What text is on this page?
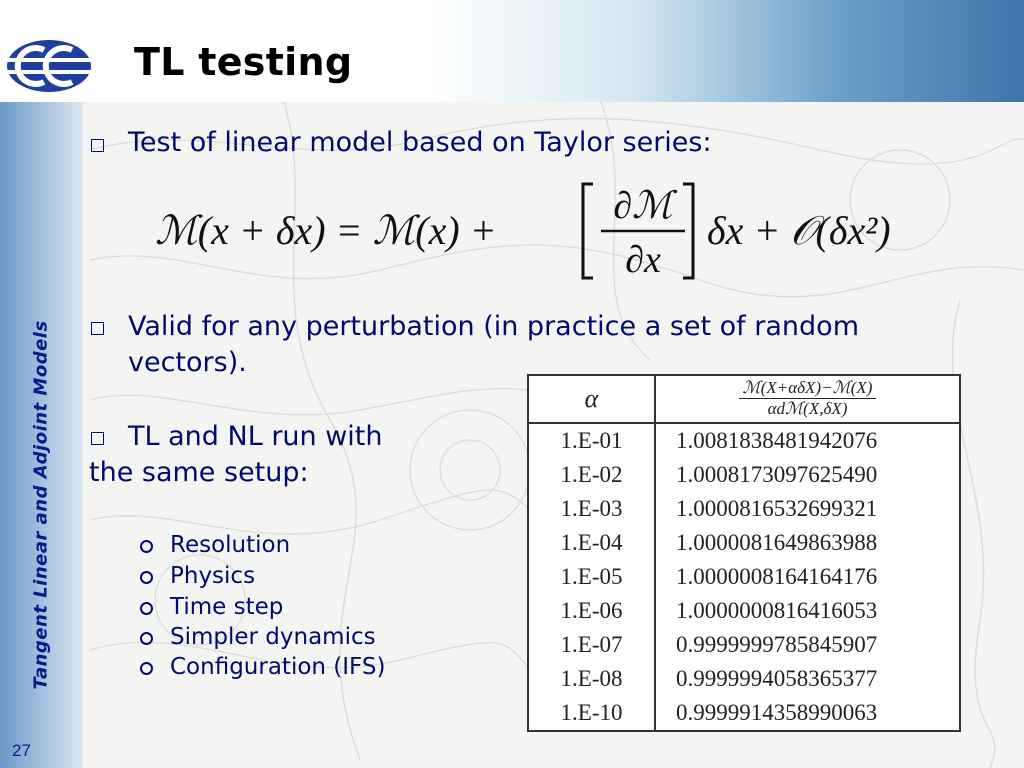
TL testing
Tangent Linear and Adjoint Models
27
Test of linear model based on Taylor series:
ℳ(x + δx) = ℳ(x) +
∂ℳ
∂x
δx + 𝒪(δx²)
Valid for any perturbation (in practice a set of random
vectors).
TL and NL run with
the same setup:
Resolution
Physics
Time step
Simpler dynamics
Configuration (IFS)
α	$\frac{\text{ℳ(X+αδX)−ℳ(X)}}{\text{αdℳ(X,δX)}}$

1.E-01	1.0081838481942076
1.E-02	1.0008173097625490
1.E-03	1.0000816532699321
1.E-04	1.0000081649863988
1.E-05	1.0000008164164176
1.E-06	1.0000000816416053
1.E-07	0.9999999785845907
1.E-08	0.9999994058365377
1.E-10	0.9999914358990063
